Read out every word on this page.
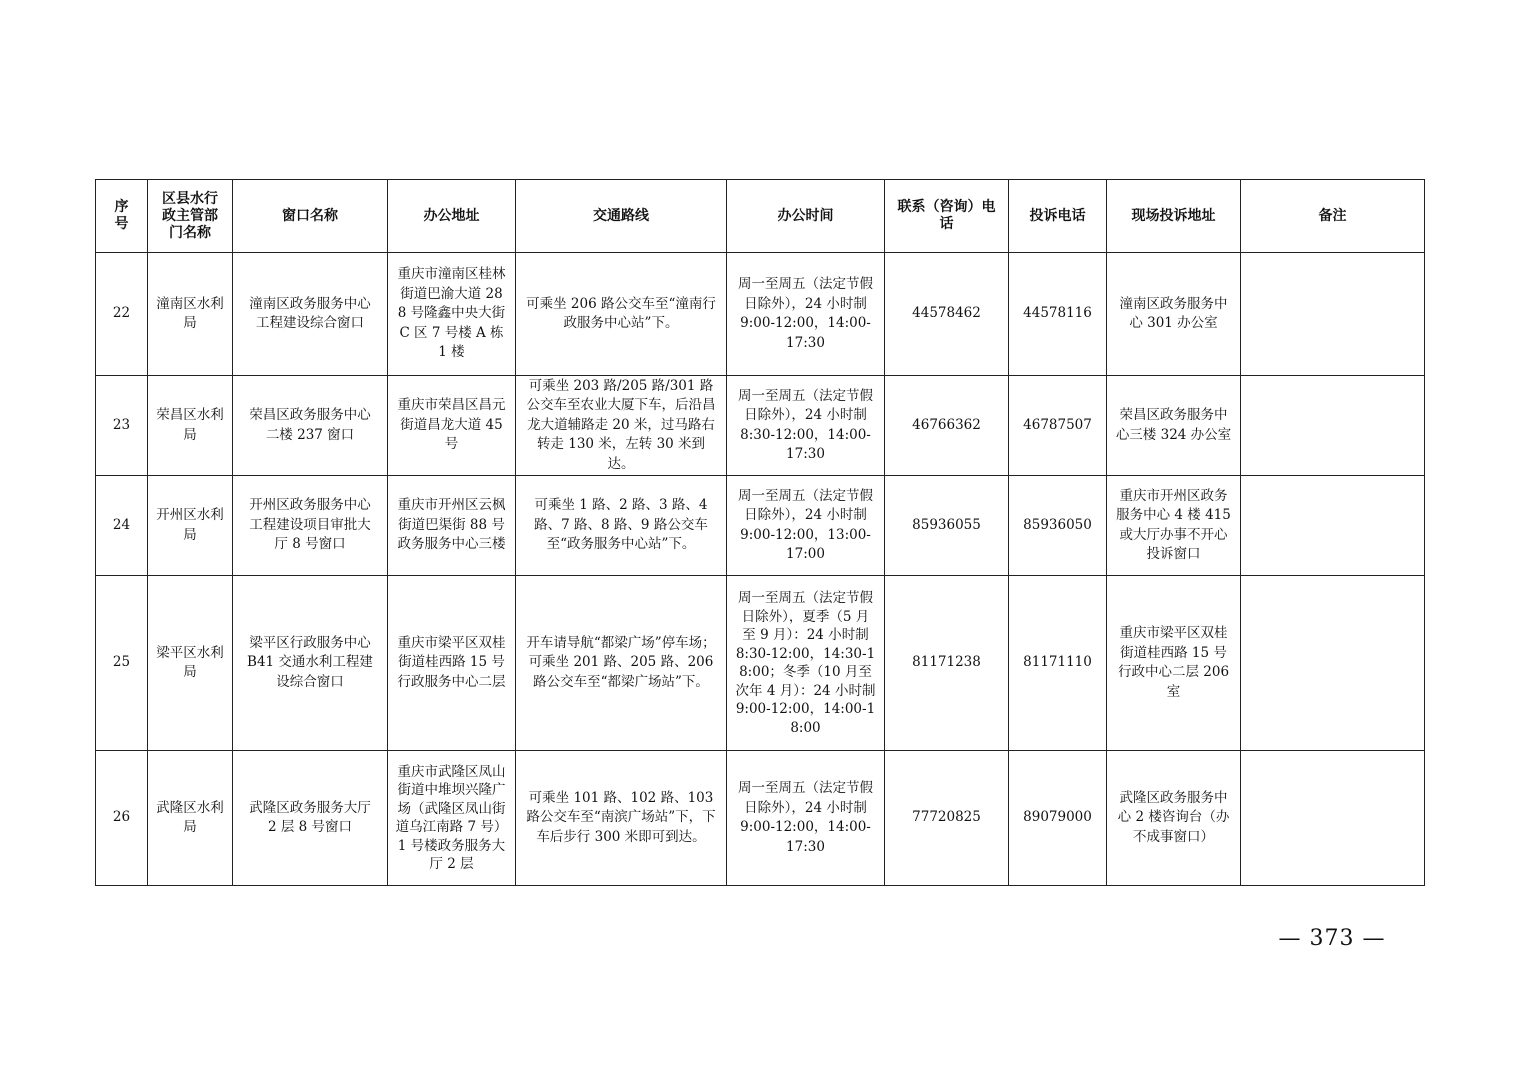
序号	区县水行政主管部门名称	窗口名称	办公地址	交通路线	办公时间	联系（咨询）电话	投诉电话	现场投诉地址	备注
22	潼南区水利局	潼南区政务服务中心工程建设综合窗口	重庆市潼南区桂林街道巴渝大道 288 号隆鑫中央大街 C 区 7 号楼 A 栋 1 楼	可乘坐 206 路公交车至“潼南行政服务中心站”下。	周一至周五（法定节假日除外），24 小时制 9:00-12:00，14:00-17:30	44578462	44578116	潼南区政务服务中心 301 办公室	
23	荣昌区水利局	荣昌区政务服务中心二楼 237 窗口	重庆市荣昌区昌元街道昌龙大道 45 号	可乘坐 203 路/205 路/301 路公交车至农业大厦下车，后沿昌龙大道辅路走 20 米，过马路右转走 130 米，左转 30 米到达。	周一至周五（法定节假日除外），24 小时制 8:30-12:00，14:00-17:30	46766362	46787507	荣昌区政务服务中心三楼 324 办公室	
24	开州区水利局	开州区政务服务中心工程建设项目审批大厅 8 号窗口	重庆市开州区云枫街道巴渠街 88 号政务服务中心三楼	可乘坐 1 路、2 路、3 路、4 路、7 路、8 路、9 路公交车至“政务服务中心站”下。	周一至周五（法定节假日除外），24 小时制 9:00-12:00，13:00-17:00	85936055	85936050	重庆市开州区政务服务中心 4 楼 415 或大厅办事不开心投诉窗口	
25	梁平区水利局	梁平区行政服务中心 B41 交通水利工程建设综合窗口	重庆市梁平区双桂街道桂西路 15 号行政服务中心二层	开车请导航“都梁广场”停车场；可乘坐 201 路、205 路、206 路公交车至“都梁广场站”下。	周一至周五（法定节假日除外），夏季（5 月至 9 月）：24 小时制 8:30-12:00，14:30-18:00；冬季（10 月至次年 4 月）：24 小时制 9:00-12:00，14:00-18:00	81171238	81171110	重庆市梁平区双桂街道桂西路 15 号行政中心二层 206 室	
26	武隆区水利局	武隆区政务服务大厅 2 层 8 号窗口	重庆市武隆区凤山街道中堆坝兴隆广场（武隆区凤山街道乌江南路 7 号）1 号楼政务服务大厅 2 层	可乘坐 101 路、102 路、103 路公交车至“南滨广场站”下，下车后步行 300 米即可到达。	周一至周五（法定节假日除外），24 小时制 9:00-12:00，14:00-17:30	77720825	89079000	武隆区政务服务中心 2 楼咨询台（办不成事窗口）	
— 373 —
